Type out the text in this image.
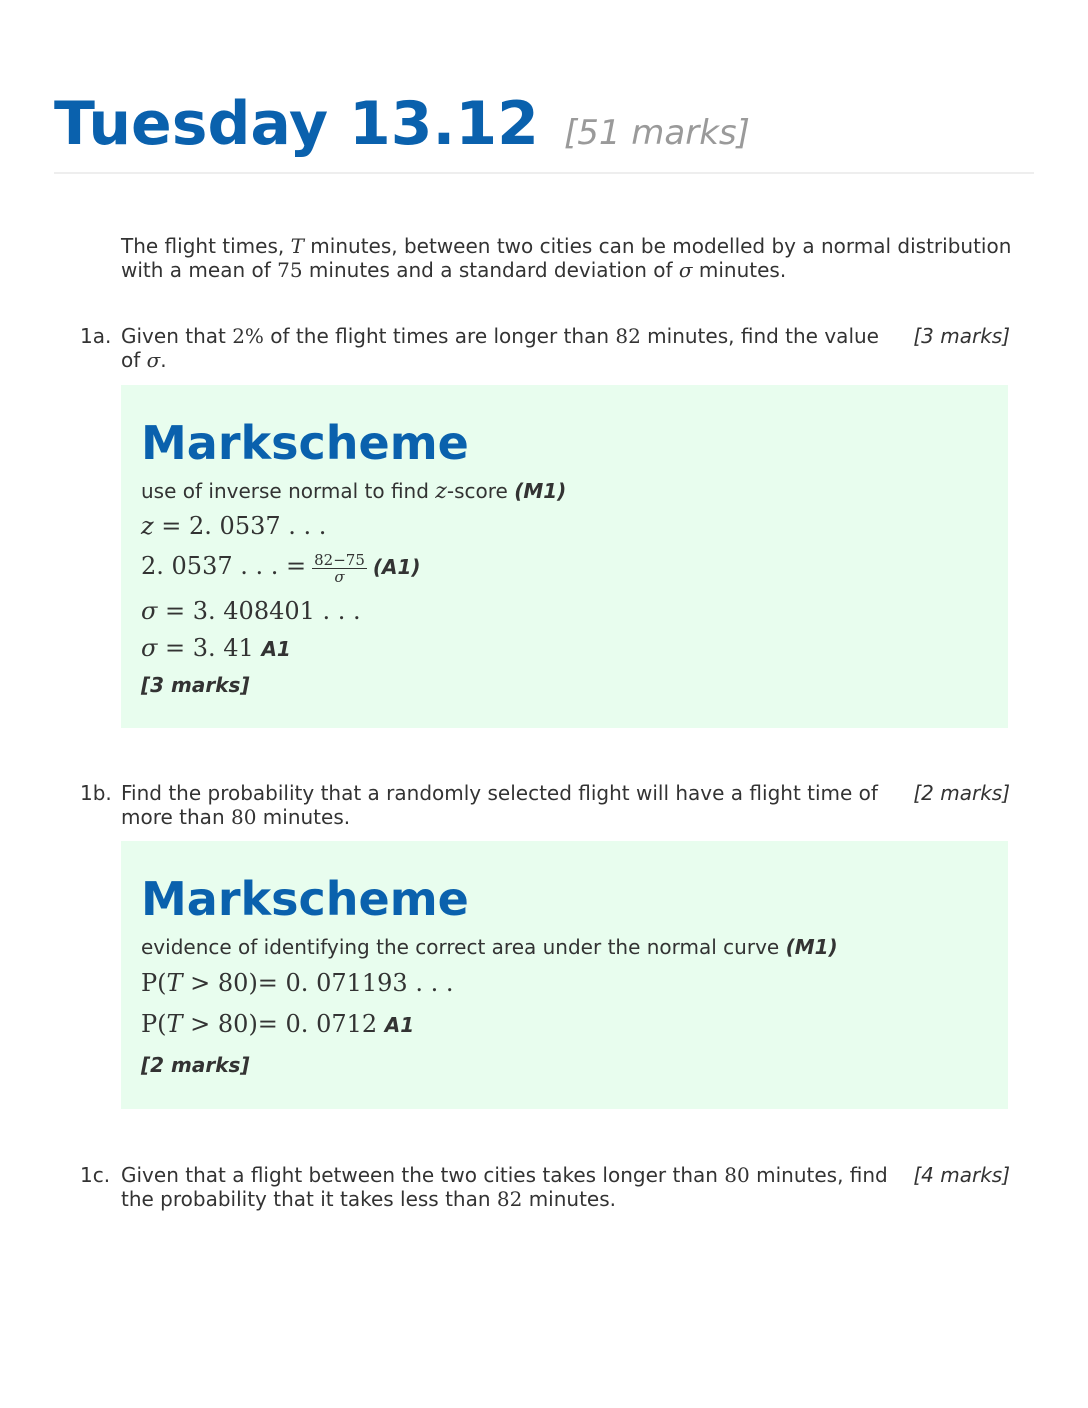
Tuesday 13.12 [51 marks]
The flight times, T minutes, between two cities can be modelled by a normal distribution with a mean of 75 minutes and a standard deviation of σ minutes.
1a. Given that 2% of the flight times are longer than 82 minutes, find the value of σ.
[3 marks]
Markscheme
use of inverse normal to find z-score (M1)
z = 2. 0537 . . .
2. 0537 . . . = $\frac{82-75}{\sigma} (A1)$
σ = 3. 408401 . . .
σ = 3. 41 A1
[3 marks]
1b. Find the probability that a randomly selected flight will have a flight time of more than 80 minutes.
[2 marks]
Markscheme
evidence of identifying the correct area under the normal curve (M1)
P(T > 80)= 0. 071193 . . .
P(T > 80)= 0. 0712 A1
[2 marks]
1c. Given that a flight between the two cities takes longer than 80 minutes, find the probability that it takes less than 82 minutes.
[4 marks]
